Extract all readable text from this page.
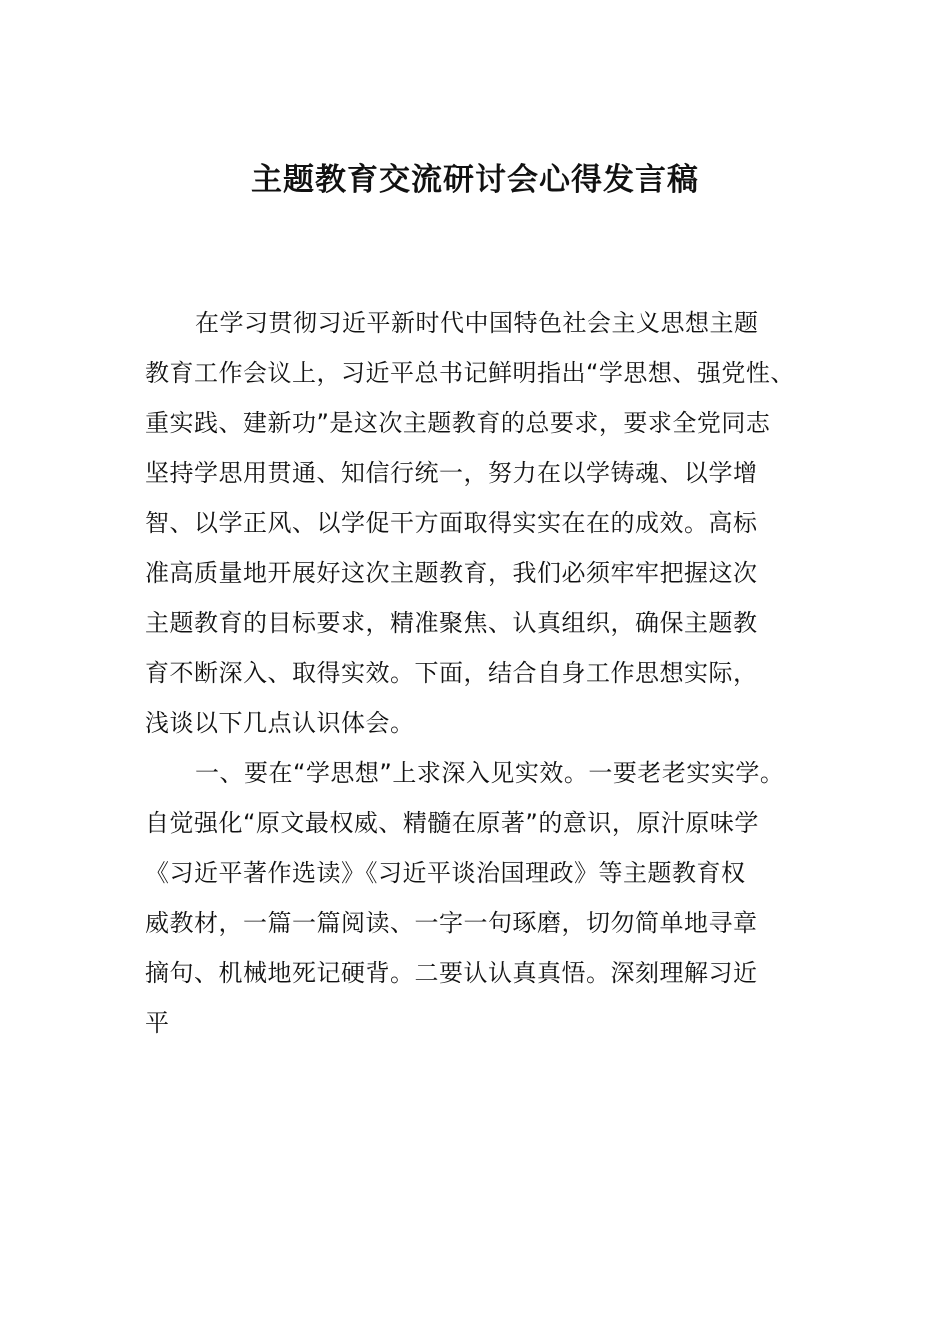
主题教育交流研讨会心得发言稿
在学习贯彻习近平新时代中国特色社会主义思想主题
教育工作会议上，习近平总书记鲜明指出“学思想、强党性、
重实践、建新功”是这次主题教育的总要求，要求全党同志
坚持学思用贯通、知信行统一，努力在以学铸魂、以学增
智、以学正风、以学促干方面取得实实在在的成效。高标
准高质量地开展好这次主题教育，我们必须牢牢把握这次
主题教育的目标要求，精准聚焦、认真组织，确保主题教
育不断深入、取得实效。下面，结合自身工作思想实际，
浅谈以下几点认识体会。
一、要在“学思想”上求深入见实效。一要老老实实学。
自觉强化“原文最权威、精髓在原著”的意识，原汁原味学
《习近平著作选读》《习近平谈治国理政》等主题教育权
威教材，一篇一篇阅读、一字一句琢磨，切勿简单地寻章
摘句、机械地死记硬背。二要认认真真悟。深刻理解习近
平
